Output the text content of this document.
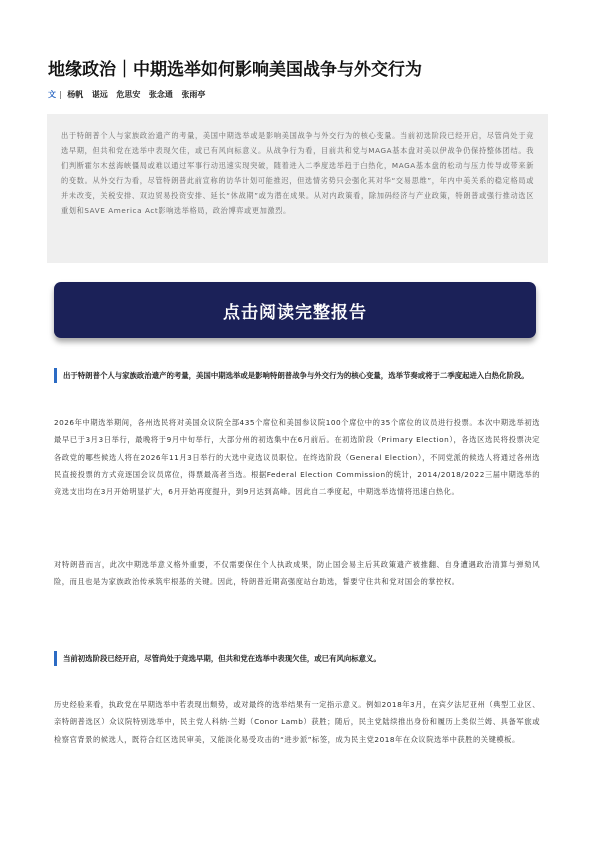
地缘政治｜中期选举如何影响美国战争与外交行为
文 | 杨帆 谌远 危思安 张念通 张雨亭

出于特朗普个人与家族政治遗产的考量，美国中期选举或是影响美国战争与外交行为的核心变量。当前初选阶段已经开启，尽管尚处于竞选早期，但共和党在选举中表现欠佳，或已有风向标意义。从战争行为看，目前共和党与MAGA基本盘对美以伊战争仍保持整体团结。我们判断霍尔木兹海峡僵局或难以通过军事行动迅速实现突破，随着进入二季度选举趋于白热化，MAGA基本盘的松动与压力传导或带来新的变数。从外交行为看，尽管特朗普此前宣称的访华计划可能推迟，但选情劣势只会强化其对华“交易思维”，年内中美关系的稳定格局或并未改变，关税安排、双边贸易投资安排、延长“休战期”或为潜在成果。从对内政策看，除加码经济与产业政策，特朗普或强行推动选区重划和SAVE America Act影响选举格局，政治博弈或更加激烈。

点击阅读完整报告
出于特朗普个人与家族政治遗产的考量，美国中期选举或是影响特朗普战争与外交行为的核心变量，选举节奏或将于二季度起进入白热化阶段。

2026年中期选举期间，各州选民将对美国众议院全部435个席位和美国参议院100个席位中的35个席位的议员进行投票。本次中期选举初选最早已于3月3日举行，最晚将于9月中旬举行，大部分州的初选集中在6月前后。在初选阶段（Primary Election），各选区选民将投票决定各政党的哪些候选人将在2026年11月3日举行的大选中竞选议员职位。在终选阶段（General Election），不同党派的候选人将通过各州选民直接投票的方式竞逐国会议员席位，得票最高者当选。根据Federal Election Commission的统计，2014/2018/2022三届中期选举的竞选支出均在3月开始明显扩大，6月开始再度提升，到9月达到高峰。因此自二季度起，中期选举选情将迅速白热化。

对特朗普而言，此次中期选举意义格外重要，不仅需要保住个人执政成果，防止国会易主后其政策遗产被推翻、自身遭遇政治清算与弹劾风险，而且也是为家族政治传承筑牢根基的关键。因此，特朗普近期高强度站台助选，誓要守住共和党对国会的掌控权。

当前初选阶段已经开启，尽管尚处于竞选早期，但共和党在选举中表现欠佳，或已有风向标意义。

历史经验来看，执政党在早期选举中若表现出颓势，或对最终的选举结果有一定指示意义。例如2018年3月，在宾夕法尼亚州（典型工业区、亲特朗普选区）众议院特别选举中，民主党人科纳·兰姆（Conor Lamb）获胜；随后，民主党陆续推出身份和履历上类似兰姆、具备军旅或检察官背景的候选人，既符合红区选民审美，又能淡化易受攻击的“进步派”标签，成为民主党2018年在众议院选举中获胜的关键模板。
